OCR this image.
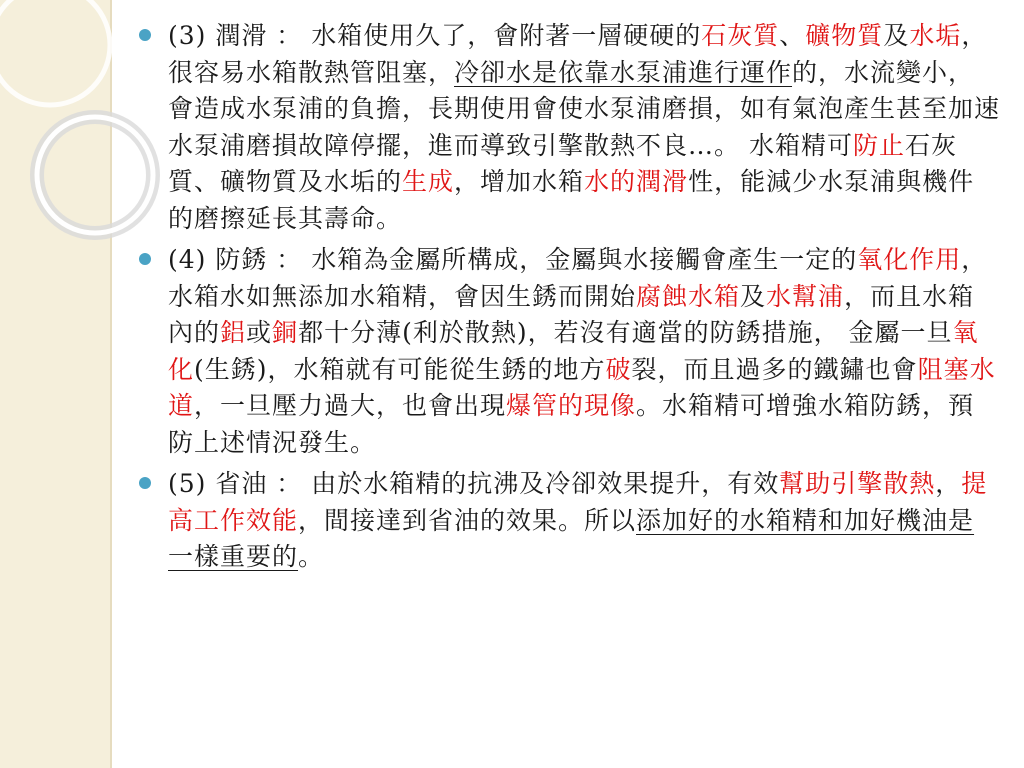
(3) 潤滑 ： 水箱使用久了，會附著一層硬硬的石灰質、礦物質及水垢，很容易水箱散熱管阻塞，冷卻水是依靠水泵浦進行運作的，水流變小，會造成水泵浦的負擔，長期使用會使水泵浦磨損，如有氣泡產生甚至加速水泵浦磨損故障停擺，進而導致引擎散熱不良…。 水箱精可防止石灰質、礦物質及水垢的生成，增加水箱水的潤滑性，能減少水泵浦與機件的磨擦延長其壽命。
(4) 防銹 ： 水箱為金屬所構成，金屬與水接觸會產生一定的氧化作用，水箱水如無添加水箱精，會因生銹而開始腐蝕水箱及水幫浦，而且水箱內的鋁或銅都十分薄(利於散熱)，若沒有適當的防銹措施， 金屬一旦氧化(生銹)，水箱就有可能從生銹的地方破裂，而且過多的鐵鏽也會阻塞水道，一旦壓力過大，也會出現爆管的現像。水箱精可增強水箱防銹，預防上述情況發生。
(5) 省油 ： 由於水箱精的抗沸及冷卻效果提升，有效幫助引擎散熱，提高工作效能，間接達到省油的效果。所以添加好的水箱精和加好機油是一樣重要的。
